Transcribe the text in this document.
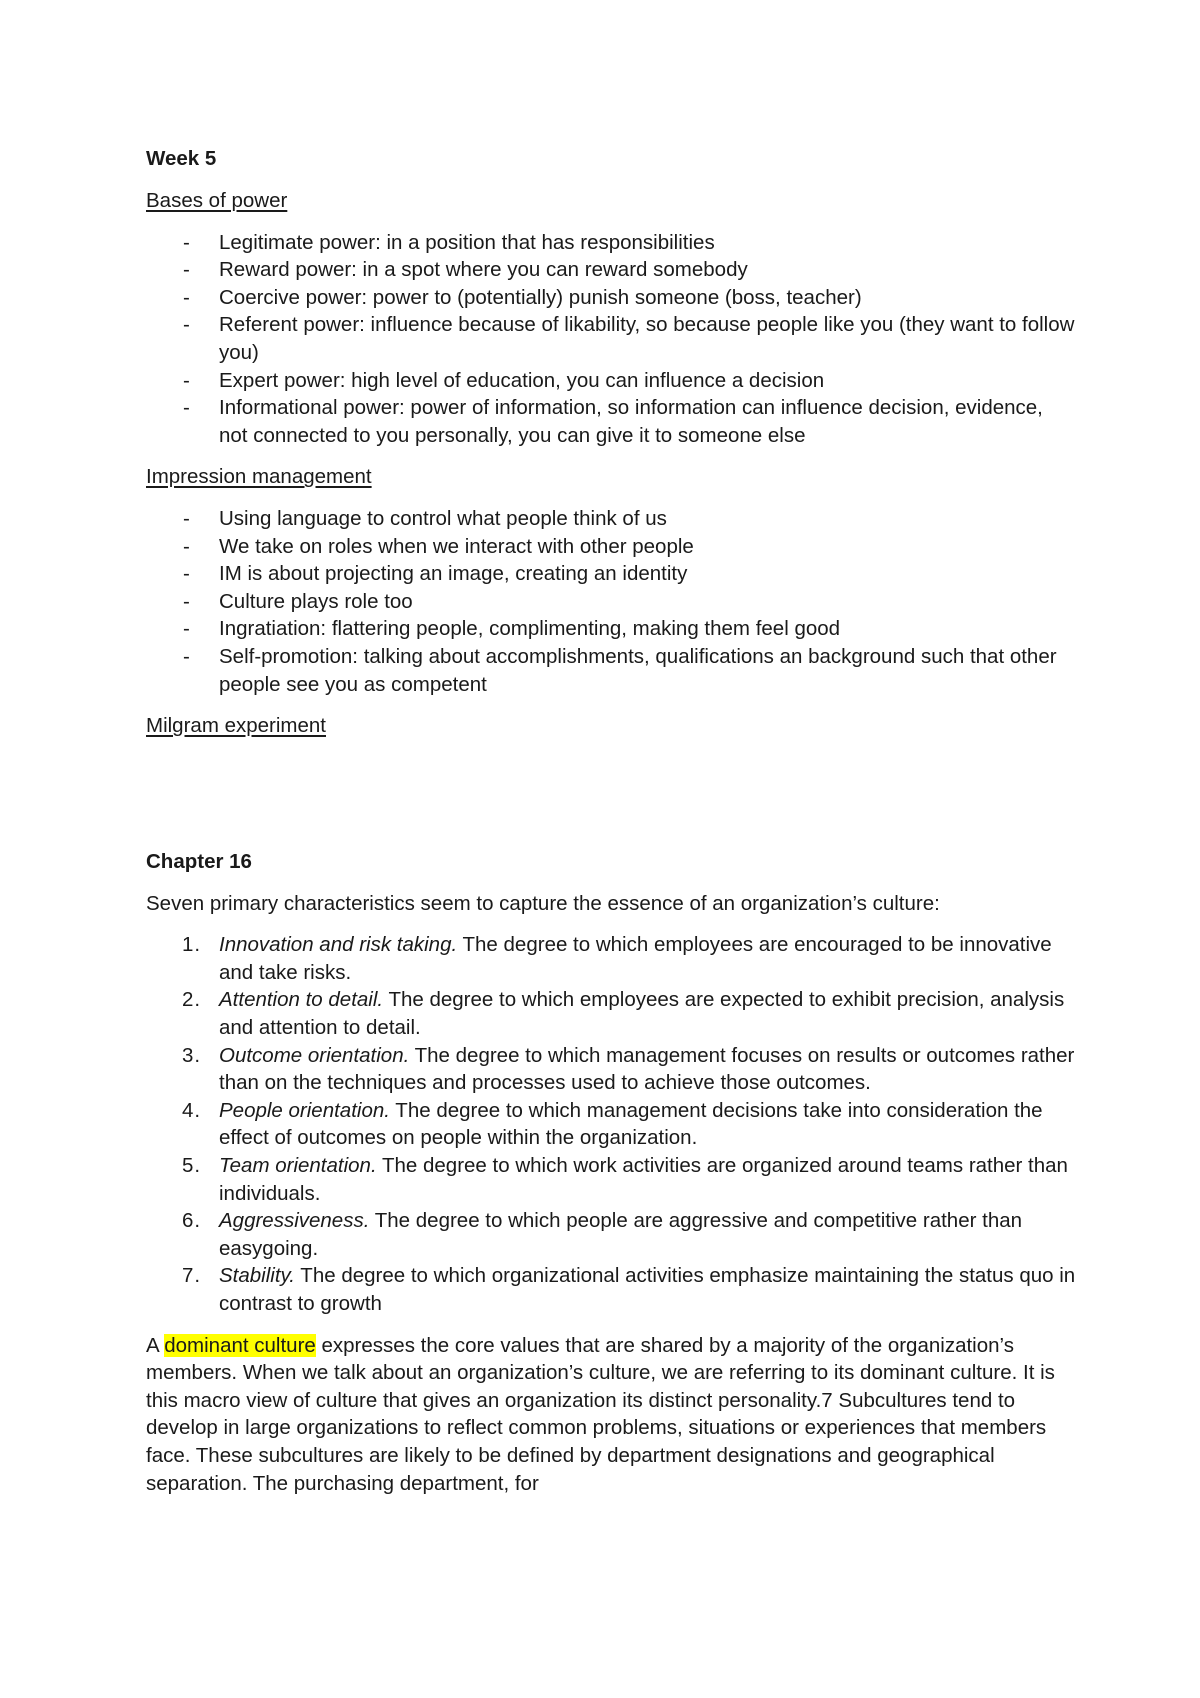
Week 5
Bases of power
- Legitimate power: in a position that has responsibilities
- Reward power: in a spot where you can reward somebody
- Coercive power: power to (potentially) punish someone (boss, teacher)
- Referent power: influence because of likability, so because people like you (they want to follow you)
- Expert power: high level of education, you can influence a decision
- Informational power: power of information, so information can influence decision, evidence, not connected to you personally, you can give it to someone else
Impression management
- Using language to control what people think of us
- We take on roles when we interact with other people
- IM is about projecting an image, creating an identity
- Culture plays role too
- Ingratiation: flattering people, complimenting, making them feel good
- Self-promotion: talking about accomplishments, qualifications an background such that other people see you as competent
Milgram experiment
Chapter 16

Seven primary characteristics seem to capture the essence of an organization’s culture:

1. Innovation and risk taking. The degree to which employees are encouraged to be innovative and take risks.
2. Attention to detail. The degree to which employees are expected to exhibit precision, analysis and attention to detail.
3. Outcome orientation. The degree to which management focuses on results or outcomes rather than on the techniques and processes used to achieve those outcomes.
4. People orientation. The degree to which management decisions take into consideration the effect of outcomes on people within the organization.
5. Team orientation. The degree to which work activities are organized around teams rather than individuals.
6. Aggressiveness. The degree to which people are aggressive and competitive rather than easygoing.
7. Stability. The degree to which organizational activities emphasize maintaining the status quo in contrast to growth

A dominant culture expresses the core values that are shared by a majority of the organization’s members. When we talk about an organization’s culture, we are referring to its dominant culture. It is this macro view of culture that gives an organization its distinct personality.7 Subcultures tend to develop in large organizations to reflect common problems, situations or experiences that members face. These subcultures are likely to be defined by department designations and geographical separation. The purchasing department, for
